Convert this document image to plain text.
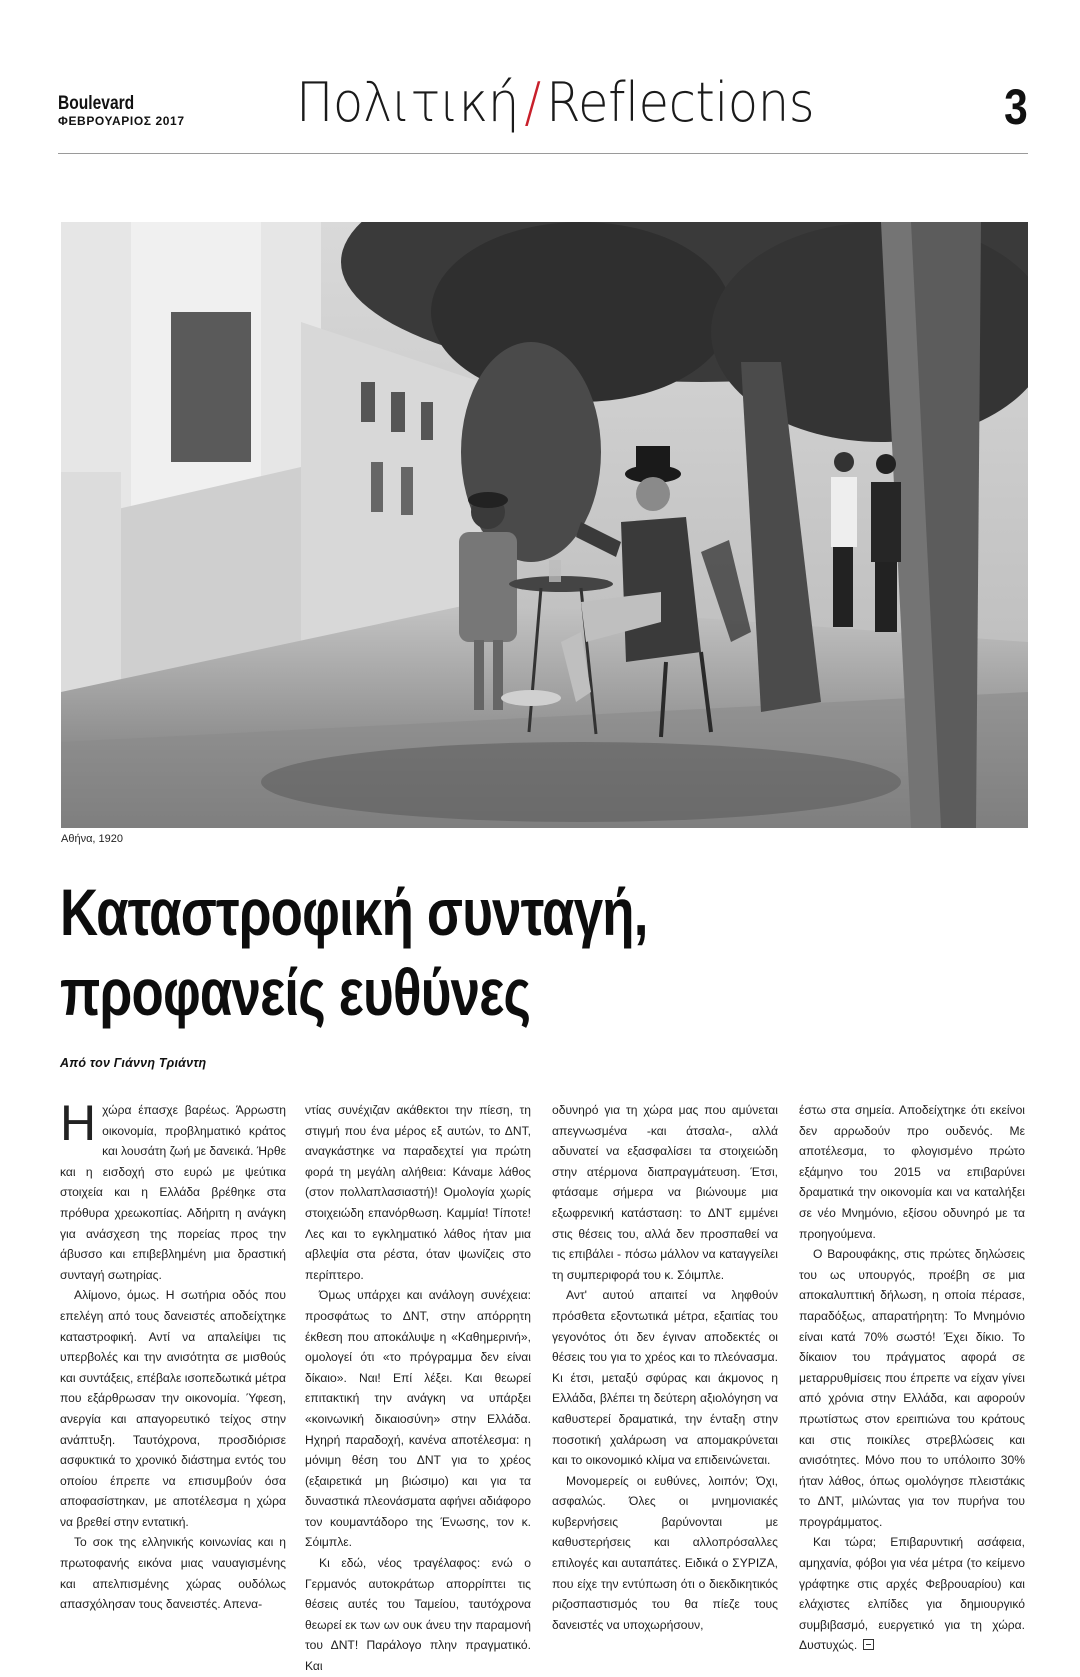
Boulevard
ΦΕΒΡΟΥΑΡΙΟΣ 2017 Πολιτική / Reflections	3
Αθήνα, 1920
Καταστροφική συνταγή,
προφανείς ευθύνες
Από τον Γιάννη Τριάντη

Η χώρα έπασχε βαρέως. Άρρωστη οικονομία, προβληματικό κράτος και λουσάτη ζωή με δανεικά. Ήρθε και η εισδοχή στο ευρώ με ψεύτικα στοιχεία και η Ελλάδα βρέθηκε στα πρόθυρα χρεωκοπίας. Αδήριτη η ανάγκη για ανάσχεση της πορείας προς την άβυσσο και επιβεβλημένη μια δραστική συνταγή σωτηρίας.

Αλίμονο, όμως. Η σωτήρια οδός που επελέγη από τους δανειστές αποδείχτηκε καταστροφική. Αντί να απαλείψει τις υπερβολές και την ανισότητα σε μισθούς και συντάξεις, επέβαλε ισοπεδωτικά μέτρα που εξάρθρωσαν την οικονομία. Ύφεση, ανεργία και απαγορευτικό τείχος στην ανάπτυξη. Ταυτόχρονα, προσδιόρισε ασφυκτικά το χρονικό διάστημα εντός του οποίου έπρεπε να επισυμβούν όσα αποφασίστηκαν, με αποτέλεσμα η χώρα να βρεθεί στην εντατική.

Το σοκ της ελληνικής κοινωνίας και η πρωτοφανής εικόνα μιας ναυαγισμένης και απελπισμένης χώρας ουδόλως απασχόλησαν τους δανειστές. Απενα-

ντίας συνέχιζαν ακάθεκτοι την πίεση, τη στιγμή που ένα μέρος εξ αυτών, το ΔΝΤ, αναγκάστηκε να παραδεχτεί για πρώτη φορά τη μεγάλη αλήθεια: Κάναμε λάθος (στον πολλαπλασιαστή)! Ομολογία χωρίς στοιχειώδη επανόρθωση. Καμμία! Τίποτε! Λες και το εγκληματικό λάθος ήταν μια αβλεψία στα ρέστα, όταν ψωνίζεις στο περίπτερο.

Όμως υπάρχει και ανάλογη συνέχεια: προσφάτως το ΔΝΤ, στην απόρρητη έκθεση που αποκάλυψε η «Καθημερινή», ομολογεί ότι «το πρόγραμμα δεν είναι δίκαιο». Ναι! Επί λέξει. Και θεωρεί επιτακτική την ανάγκη να υπάρξει «κοινωνική δικαιοσύνη» στην Ελλάδα. Ηχηρή παραδοχή, κανένα αποτέλεσμα: η μόνιμη θέση του ΔΝΤ για το χρέος (εξαιρετικά μη βιώσιμο) και για τα δυναστικά πλεονάσματα αφήνει αδιάφορο τον κουμαντάδορο της Ένωσης, τον κ. Σόιμπλε.

Κι εδώ, νέος τραγέλαφος: ενώ ο Γερμανός αυτοκράτωρ απορρίπτει τις θέσεις αυτές του Ταμείου, ταυτόχρονα θεωρεί εκ των ων ουκ άνευ την παραμονή του ΔΝΤ! Παράλογο πλην πραγματικό. Και

οδυνηρό για τη χώρα μας που αμύνεται απεγνωσμένα -και άτσαλα-, αλλά αδυνατεί να εξασφαλίσει τα στοιχειώδη στην ατέρμονα διαπραγμάτευση. Έτσι, φτάσαμε σήμερα να βιώνουμε μια εξωφρενική κατάσταση: το ΔΝΤ εμμένει στις θέσεις του, αλλά δεν προσπαθεί να τις επιβάλει - πόσω μάλλον να καταγγείλει τη συμπεριφορά του κ. Σόιμπλε.

Αντ' αυτού απαιτεί να ληφθούν πρόσθετα εξοντωτικά μέτρα, εξαιτίας του γεγονότος ότι δεν έγιναν αποδεκτές οι θέσεις του για το χρέος και το πλεόνασμα. Κι έτσι, μεταξύ σφύρας και άκμονος η Ελλάδα, βλέπει τη δεύτερη αξιολόγηση να καθυστερεί δραματικά, την ένταξη στην ποσοτική χαλάρωση να απομακρύνεται και το οικονομικό κλίμα να επιδεινώνεται.

Μονομερείς οι ευθύνες, λοιπόν; Όχι, ασφαλώς. Όλες οι μνημονιακές κυβερνήσεις βαρύνονται με καθυστερήσεις και αλλοπρόσαλλες επιλογές και αυταπάτες. Ειδικά ο ΣΥΡΙΖΑ, που είχε την εντύπωση ότι ο διεκδικητικός ριζοσπαστισμός του θα πίεζε τους δανειστές να υποχωρήσουν,

έστω στα σημεία. Αποδείχτηκε ότι εκείνοι δεν αρρωδούν προ ουδενός. Με αποτέλεσμα, το φλογισμένο πρώτο εξάμηνο του 2015 να επιβαρύνει δραματικά την οικονομία και να καταλήξει σε νέο Μνημόνιο, εξίσου οδυνηρό με τα προηγούμενα.

Ο Βαρουφάκης, στις πρώτες δηλώσεις του ως υπουργός, προέβη σε μια αποκαλυπτική δήλωση, η οποία πέρασε, παραδόξως, απαρατήρητη: Το Μνημόνιο είναι κατά 70% σωστό! Έχει δίκιο. Το δίκαιον του πράγματος αφορά σε μεταρρυθμίσεις που έπρεπε να είχαν γίνει από χρόνια στην Ελλάδα, και αφορούν πρωτίστως στον ερειπιώνα του κράτους και στις ποικίλες στρεβλώσεις και ανισότητες. Μόνο που το υπόλοιπο 30% ήταν λάθος, όπως ομολόγησε πλειστάκις το ΔΝΤ, μιλώντας για τον πυρήνα του προγράμματος.

Και τώρα; Επιβαρυντική ασάφεια, αμηχανία, φόβοι για νέα μέτρα (το κείμενο γράφτηκε στις αρχές Φεβρουαρίου) και ελάχιστες ελπίδες για δημιουργικό συμβιβασμό, ευεργετικό για τη χώρα. Δυστυχώς.
